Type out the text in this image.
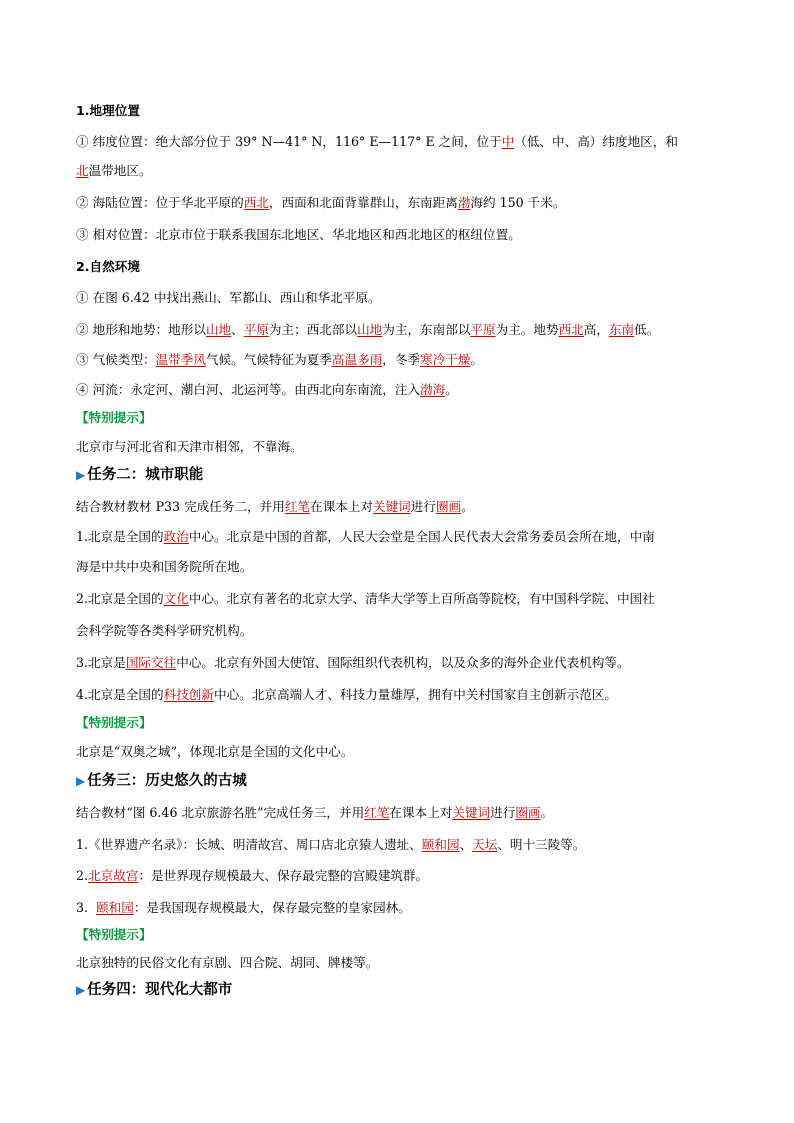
1.地理位置
① 纬度位置：绝大部分位于 39° N—41° N，116° E—117° E 之间，位于中（低、中、高）纬度地区，和
北温带地区。
② 海陆位置：位于华北平原的西北，西面和北面背靠群山，东南距离渤海约 150 千米。
③ 相对位置：北京市位于联系我国东北地区、华北地区和西北地区的枢纽位置。
2.自然环境
① 在图 6.42 中找出燕山、军都山、西山和华北平原。
② 地形和地势：地形以山地、平原为主；西北部以山地为主，东南部以平原为主。地势西北高，东南低。
③ 气候类型：温带季风气候。气候特征为夏季高温多雨，冬季寒冷干燥。
④ 河流：永定河、潮白河、北运河等。由西北向东南流，注入渤海。
【特别提示】
北京市与河北省和天津市相邻，不靠海。
▶ 任务二：城市职能
结合教材教材 P33 完成任务二，并用红笔在课本上对关键词进行圈画。
1.北京是全国的政治中心。北京是中国的首都，人民大会堂是全国人民代表大会常务委员会所在地，中南
海是中共中央和国务院所在地。
2.北京是全国的文化中心。北京有著名的北京大学、清华大学等上百所高等院校，有中国科学院、中国社
会科学院等各类科学研究机构。
3.北京是国际交往中心。北京有外国大使馆、国际组织代表机构，以及众多的海外企业代表机构等。
4.北京是全国的科技创新中心。北京高端人才、科技力量雄厚，拥有中关村国家自主创新示范区。
【特别提示】
北京是“双奥之城”，体现北京是全国的文化中心。
▶ 任务三：历史悠久的古城
结合教材“图 6.46 北京旅游名胜”完成任务三，并用红笔在课本上对关键词进行圈画。
1.《世界遗产名录》：长城、明清故宫、周口店北京猿人遗址、颐和园、天坛、明十三陵等。
2.北京故宫：是世界现存规模最大、保存最完整的宫殿建筑群。
3.  颐和园：是我国现存规模最大，保存最完整的皇家园林。
【特别提示】
北京独特的民俗文化有京剧、四合院、胡同、牌楼等。
▶ 任务四：现代化大都市
